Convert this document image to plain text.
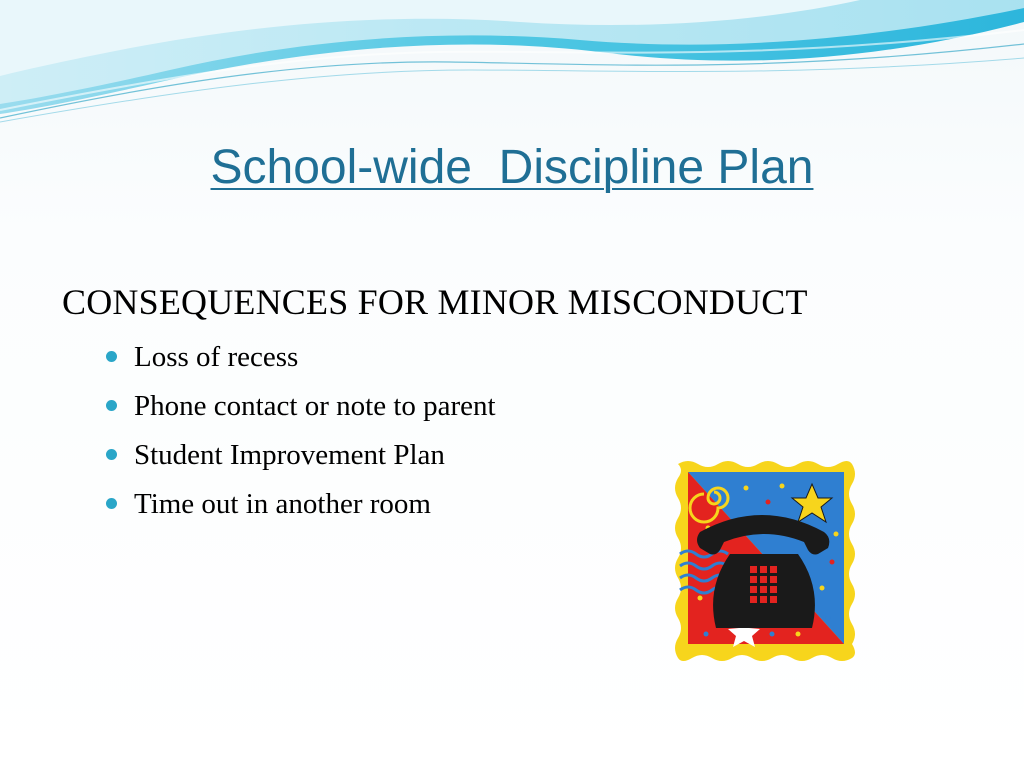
School-wide  Discipline Plan
CONSEQUENCES FOR MINOR MISCONDUCT
Loss of recess
Phone contact or note to parent
Student Improvement Plan
Time out in another room
